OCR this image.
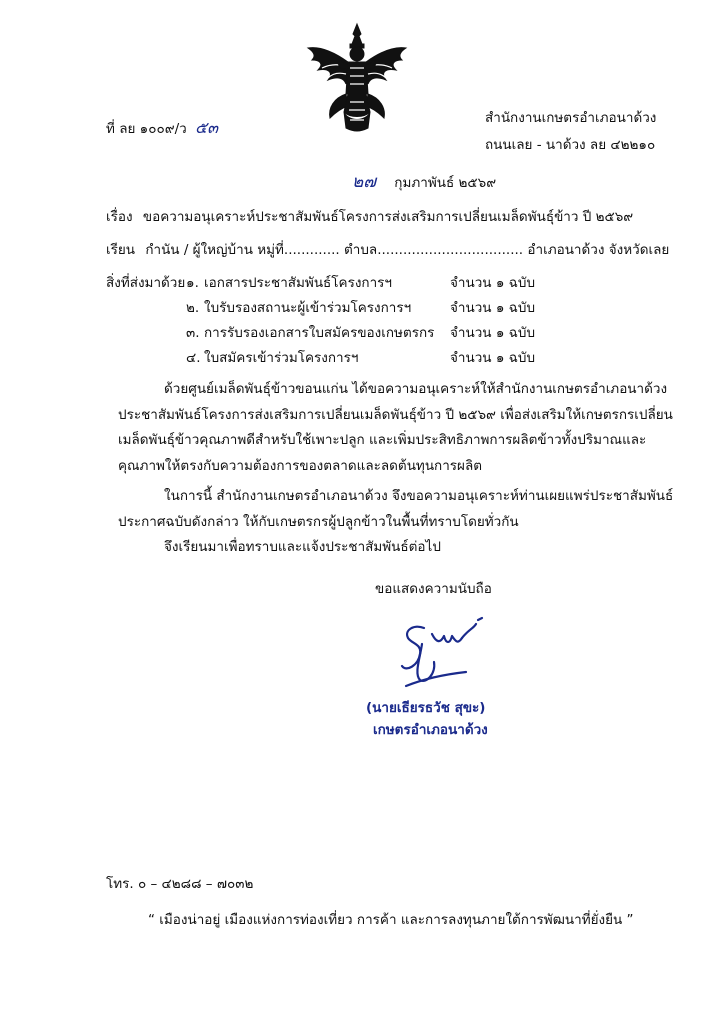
ที่ ลย ๑๐๐๙/ว ๕๓	สำนักงานเกษตรอำเภอนาด้วง
ถนนเลย - นาด้วง ลย ๔๒๒๑๐
๒๗ กุมภาพันธ์ ๒๕๖๙
เรื่อง ขอความอนุเคราะห์ประชาสัมพันธ์โครงการส่งเสริมการเปลี่ยนเมล็ดพันธุ์ข้าว ปี ๒๕๖๙
เรียน กำนัน / ผู้ใหญ่บ้าน หมู่ที่............. ตำบล.................................. อำเภอนาด้วง จังหวัดเลย
สิ่งที่ส่งมาด้วย ๑. เอกสารประชาสัมพันธ์โครงการฯ	จำนวน ๑ ฉบับ
๒. ใบรับรองสถานะผู้เข้าร่วมโครงการฯ	จำนวน ๑ ฉบับ
๓. การรับรองเอกสารใบสมัครของเกษตรกร จำนวน ๑ ฉบับ
๔. ใบสมัครเข้าร่วมโครงการฯ	จำนวน ๑ ฉบับ
ด้วยศูนย์เมล็ดพันธุ์ข้าวขอนแก่น ได้ขอความอนุเคราะห์ให้สำนักงานเกษตรอำเภอนาด้วงประชาสัมพันธ์โครงการส่งเสริมการเปลี่ยนเมล็ดพันธุ์ข้าว ปี ๒๕๖๙ เพื่อส่งเสริมให้เกษตรกรเปลี่ยนเมล็ดพันธุ์ข้าวคุณภาพดีสำหรับใช้เพาะปลูก และเพิ่มประสิทธิภาพการผลิตข้าวทั้งปริมาณและคุณภาพให้ตรงกับความต้องการของตลาดและลดต้นทุนการผลิต
ในการนี้ สำนักงานเกษตรอำเภอนาด้วง จึงขอความอนุเคราะห์ท่านเผยแพร่ประชาสัมพันธ์ประกาศฉบับดังกล่าว ให้กับเกษตรกรผู้ปลูกข้าวในพื้นที่ทราบโดยทั่วกัน
จึงเรียนมาเพื่อทราบและแจ้งประชาสัมพันธ์ต่อไป
ขอแสดงความนับถือ
(นายเธียรธวัช สุขะ)
เกษตรอำเภอนาด้วง
โทร. ๐ – ๔๒๘๘ – ๗๐๓๒
“ เมืองน่าอยู่ เมืองแห่งการท่องเที่ยว การค้า และการลงทุนภายใต้การพัฒนาที่ยั่งยืน ”
